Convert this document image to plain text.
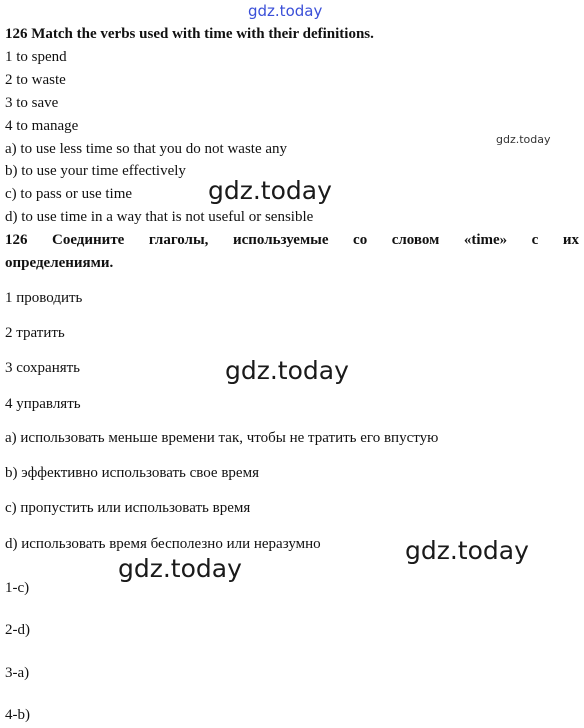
gdz.today
gdz.today
gdz.today
gdz.today
gdz.today
gdz.today
126 Match the verbs used with time with their definitions.
1 to spend
2 to waste
3 to save
4 to manage
a) to use less time so that you do not waste any
b) to use your time effectively
c) to pass or use time
d) to use time in a way that is not useful or sensible
126 Соедините глаголы, используемые со словом «time» с их
определениями.
1 проводить
2 тратить
3 сохранять
4 управлять
a) использовать меньше времени так, чтобы не тратить его впустую
b) эффективно использовать свое время
c) пропустить или использовать время
d) использовать время бесполезно или неразумно
1-c)
2-d)
3-a)
4-b)
